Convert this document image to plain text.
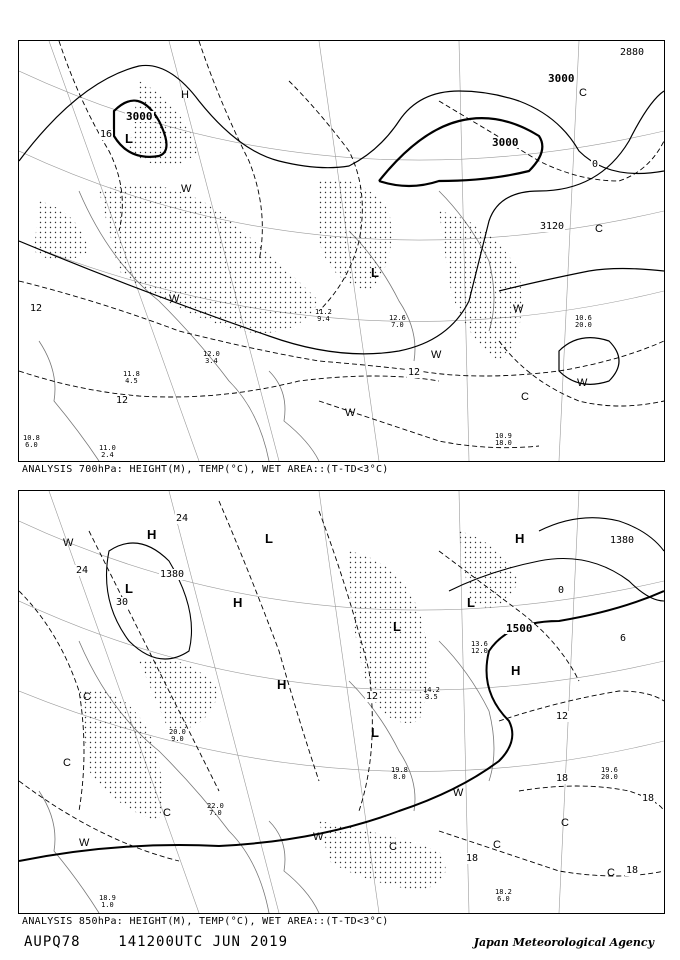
3000
3000
3000
2880
3120
12
12
12
0
16 L
L
H
W
W
W
W
C
C
C
W
W
10.6
20.0
10.9
18.0
12.6
7.0
11.2
9.4
11.8
4.5
10.8
6.0	11.0
2.4
12.0
3.4
ANALYSIS 700hPa: HEIGHT(M), TEMP(°C), WET AREA::(T-TD<3°C)
1500
1380
1380
12
18
18
18
18
24
24
30
6
0
12
L
L
L
L
L
H
H
H
H
H
W
W
W
W
C
C
C	C
C
C
C
19.6
20.0
18.2
6.0
22.0
7.0
18.9
1.0
14.2
3.5
20.0
9.0
19.8
8.0
13.6
12.0
ANALYSIS 850hPa: HEIGHT(M), TEMP(°C), WET AREA::(T-TD<3°C)
AUPQ78	141200UTC JUN 2019	Japan Meteorological Agency
